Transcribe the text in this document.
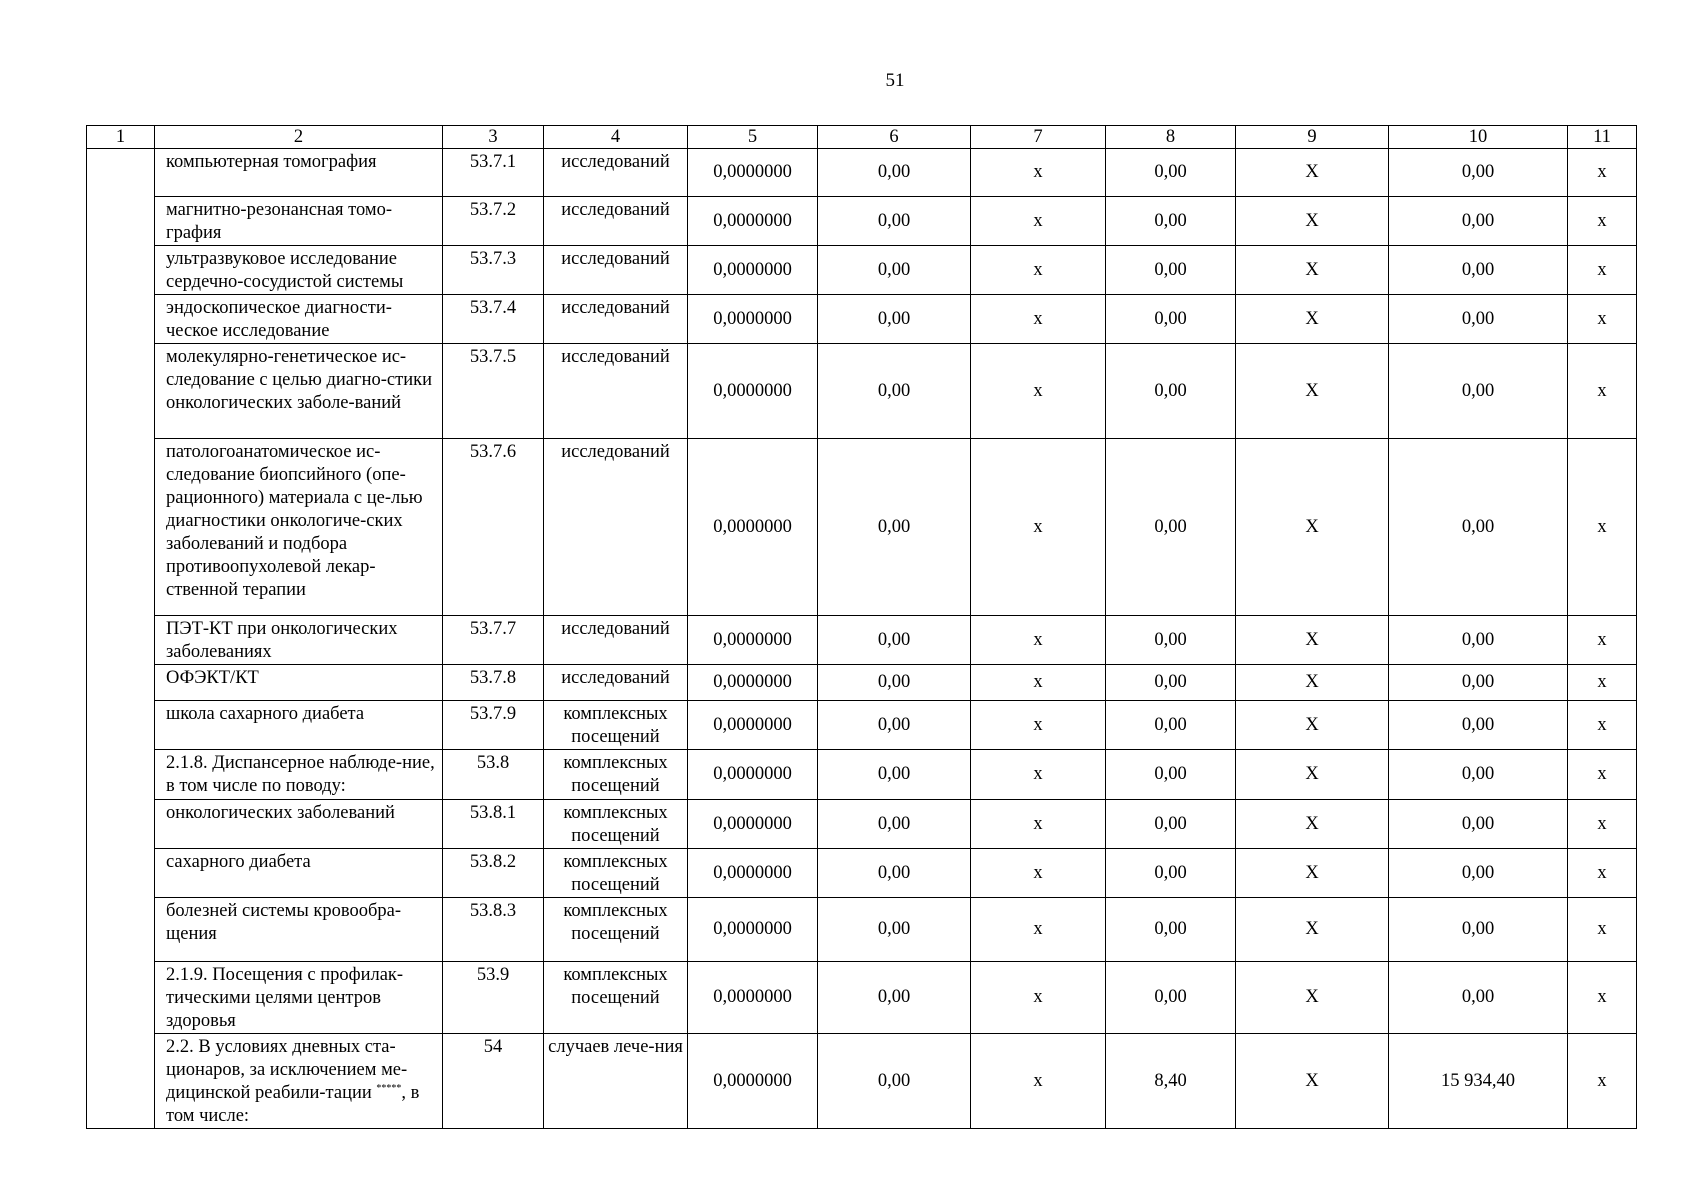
51
1	2	3	4	5	6	7	8	9	10	11
	компьютерная томография	53.7.1	исследований	0,0000000	0,00	х	0,00	X	0,00	х
	магнитно-резонансная томо-графия	53.7.2	исследований	0,0000000	0,00	х	0,00	X	0,00	х
	ультразвуковое исследование сердечно-сосудистой системы	53.7.3	исследований	0,0000000	0,00	х	0,00	X	0,00	х
	эндоскопическое диагности-ческое исследование	53.7.4	исследований	0,0000000	0,00	х	0,00	X	0,00	х
	молекулярно-генетическое ис-следование с целью диагно-стики онкологических заболе-ваний	53.7.5	исследований	0,0000000	0,00	х	0,00	X	0,00	х
	патологоанатомическое ис-следование биопсийного (опе-рационного) материала с це-лью диагностики онкологиче-ских заболеваний и подбора противоопухолевой лекар-ственной терапии	53.7.6	исследований	0,0000000	0,00	х	0,00	X	0,00	х
	ПЭТ-КТ при онкологических заболеваниях	53.7.7	исследований	0,0000000	0,00	х	0,00	X	0,00	х
	ОФЭКТ/КТ	53.7.8	исследований	0,0000000	0,00	х	0,00	X	0,00	х
	школа сахарного диабета	53.7.9	комплексных посещений	0,0000000	0,00	х	0,00	X	0,00	х
	2.1.8. Диспансерное наблюде-ние, в том числе по поводу:	53.8	комплексных посещений	0,0000000	0,00	х	0,00	X	0,00	х
	онкологических заболеваний	53.8.1	комплексных посещений	0,0000000	0,00	х	0,00	X	0,00	х
	сахарного диабета	53.8.2	комплексных посещений	0,0000000	0,00	х	0,00	X	0,00	х
	болезней системы кровообра-щения	53.8.3	комплексных посещений	0,0000000	0,00	х	0,00	X	0,00	х
	2.1.9. Посещения с профилак-тическими целями центров здоровья	53.9	комплексных посещений	0,0000000	0,00	х	0,00	X	0,00	х
	2.2. В условиях дневных ста-ционаров, за исключением ме-дицинской реабили-тации *****, в том числе:	54	случаев лече-ния	0,0000000	0,00	х	8,40	X	15 934,40	х
